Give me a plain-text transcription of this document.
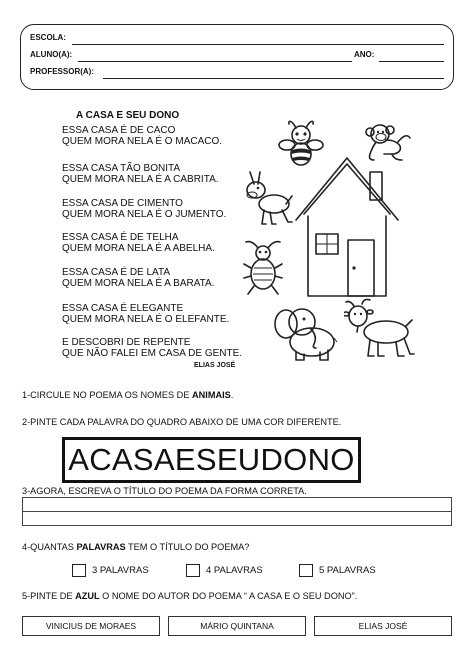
ESCOLA:
ALUNO(A):	ANO:
PROFESSOR(A):
A CASA E SEU DONO
ESSA CASA É DE CACO
QUEM MORA NELA É O MACACO.
ESSA CASA TÃO BONITA
QUEM MORA NELA É A CABRITA.
ESSA CASA DE CIMENTO
QUEM MORA NELA É O JUMENTO.
ESSA CASA É DE TELHA
QUEM MORA NELA É A ABELHA.
ESSA CASA É DE LATA
QUEM MORA NELA É A BARATA.
ESSA CASA É ELEGANTE
QUEM MORA NELA É O ELEFANTE.
E DESCOBRI DE REPENTE
QUE NÃO FALEI EM CASA DE GENTE.
ELIAS JOSÉ
1-CIRCULE NO POEMA OS NOMES DE ANIMAIS.
2-PINTE CADA PALAVRA DO QUADRO ABAIXO DE UMA COR DIFERENTE.
ACASAESEUDONO
3-AGORA, ESCREVA O TÍTULO DO POEMA DA FORMA CORRETA.
4-QUANTAS PALAVRAS TEM O TÍTULO DO POEMA?
3 PALAVRAS	4 PALAVRAS	5 PALAVRAS
5-PINTE DE AZUL O NOME DO AUTOR DO POEMA “ A CASA E O SEU DONO”.
VINICIUS DE MORAES	MÁRIO QUINTANA	ELIAS JOSÉ
